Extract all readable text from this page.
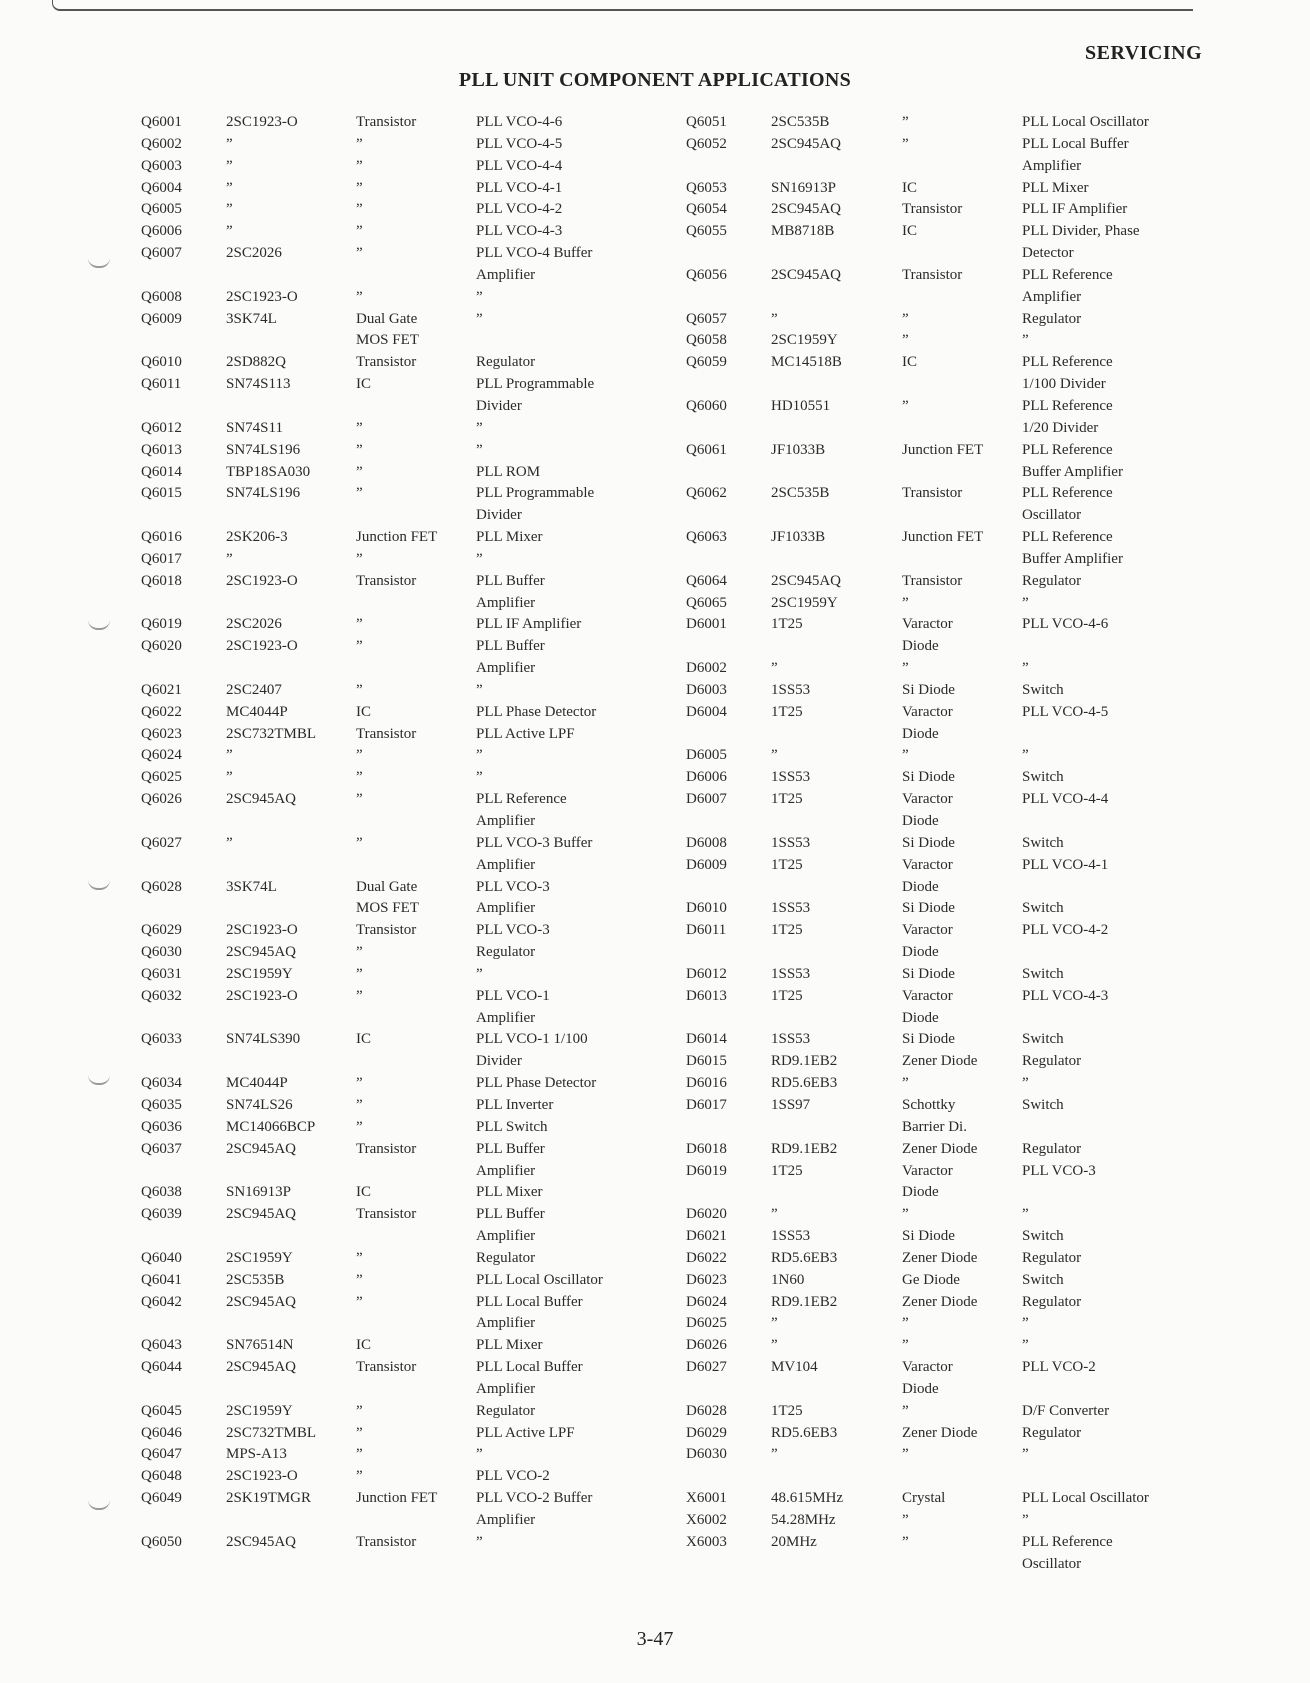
SERVICING
PLL UNIT COMPONENT APPLICATIONS
Q6001	2SC1923-O	Transistor	PLL VCO-4-6
Q6002	”	”	PLL VCO-4-5
Q6003	”	”	PLL VCO-4-4
Q6004	”	”	PLL VCO-4-1
Q6005	”	”	PLL VCO-4-2
Q6006	”	”	PLL VCO-4-3
Q6007	2SC2026	”	PLL VCO-4 Buffer
Amplifier
Q6008	2SC1923-O	”	”
Q6009	3SK74L	Dual Gate	”
MOS FET
Q6010	2SD882Q	Transistor	Regulator
Q6011	SN74S113	IC	PLL Programmable
Divider
Q6012	SN74S11	”	”
Q6013	SN74LS196	”	”
Q6014	TBP18SA030	”	PLL ROM
Q6015	SN74LS196	”	PLL Programmable
Divider
Q6016	2SK206-3	Junction FET	PLL Mixer
Q6017	”	”	”
Q6018	2SC1923-O	Transistor	PLL Buffer
Amplifier
Q6019	2SC2026	”	PLL IF Amplifier
Q6020	2SC1923-O	”	PLL Buffer
Amplifier
Q6021	2SC2407	”	”
Q6022	MC4044P	IC	PLL Phase Detector
Q6023	2SC732TMBL	Transistor	PLL Active LPF
Q6024	”	”	”
Q6025	”	”	”
Q6026	2SC945AQ	”	PLL Reference
Amplifier
Q6027	”	”	PLL VCO-3 Buffer
Amplifier
Q6028	3SK74L	Dual Gate	PLL VCO-3
MOS FET	Amplifier
Q6029	2SC1923-O	Transistor	PLL VCO-3
Q6030	2SC945AQ	”	Regulator
Q6031	2SC1959Y	”	”
Q6032	2SC1923-O	”	PLL VCO-1
Amplifier
Q6033	SN74LS390	IC	PLL VCO-1 1/100
Divider
Q6034	MC4044P	”	PLL Phase Detector
Q6035	SN74LS26	”	PLL Inverter
Q6036	MC14066BCP	”	PLL Switch
Q6037	2SC945AQ	Transistor	PLL Buffer
Amplifier
Q6038	SN16913P	IC	PLL Mixer
Q6039	2SC945AQ	Transistor	PLL Buffer
Amplifier
Q6040	2SC1959Y	”	Regulator
Q6041	2SC535B	”	PLL Local Oscillator
Q6042	2SC945AQ	”	PLL Local Buffer
Amplifier
Q6043	SN76514N	IC	PLL Mixer
Q6044	2SC945AQ	Transistor	PLL Local Buffer
Amplifier
Q6045	2SC1959Y	”	Regulator
Q6046	2SC732TMBL	”	PLL Active LPF
Q6047	MPS-A13	”	”
Q6048	2SC1923-O	”	PLL VCO-2
Q6049	2SK19TMGR	Junction FET	PLL VCO-2 Buffer
Amplifier
Q6050	2SC945AQ	Transistor	”
Q6051	2SC535B	”	PLL Local Oscillator
Q6052	2SC945AQ	”	PLL Local Buffer
Amplifier
Q6053	SN16913P	IC	PLL Mixer
Q6054	2SC945AQ	Transistor	PLL IF Amplifier
Q6055	MB8718B	IC	PLL Divider, Phase
Detector
Q6056	2SC945AQ	Transistor	PLL Reference
Amplifier
Q6057	”	”	Regulator
Q6058	2SC1959Y	”	”
Q6059	MC14518B	IC	PLL Reference
1/100 Divider
Q6060	HD10551	”	PLL Reference
1/20 Divider
Q6061	JF1033B	Junction FET	PLL Reference
Buffer Amplifier
Q6062	2SC535B	Transistor	PLL Reference
Oscillator
Q6063	JF1033B	Junction FET	PLL Reference
Buffer Amplifier
Q6064	2SC945AQ	Transistor	Regulator
Q6065	2SC1959Y	”	”
D6001	1T25	Varactor	PLL VCO-4-6
Diode
D6002	”	”	”
D6003	1SS53	Si Diode	Switch
D6004	1T25	Varactor	PLL VCO-4-5
Diode
D6005	”	”	”
D6006	1SS53	Si Diode	Switch
D6007	1T25	Varactor	PLL VCO-4-4
Diode
D6008	1SS53	Si Diode	Switch
D6009	1T25	Varactor	PLL VCO-4-1
Diode
D6010	1SS53	Si Diode	Switch
D6011	1T25	Varactor	PLL VCO-4-2
Diode
D6012	1SS53	Si Diode	Switch
D6013	1T25	Varactor	PLL VCO-4-3
Diode
D6014	1SS53	Si Diode	Switch
D6015	RD9.1EB2	Zener Diode	Regulator
D6016	RD5.6EB3	”	”
D6017	1SS97	Schottky	Switch
Barrier Di.
D6018	RD9.1EB2	Zener Diode	Regulator
D6019	1T25	Varactor	PLL VCO-3
Diode
D6020	”	”	”
D6021	1SS53	Si Diode	Switch
D6022	RD5.6EB3	Zener Diode	Regulator
D6023	1N60	Ge Diode	Switch
D6024	RD9.1EB2	Zener Diode	Regulator
D6025	”	”	”
D6026	”	”	”
D6027	MV104	Varactor	PLL VCO-2
Diode
D6028	1T25	”	D/F Converter
D6029	RD5.6EB3	Zener Diode	Regulator
D6030	”	”	”
X6001	48.615MHz	Crystal	PLL Local Oscillator
X6002	54.28MHz	”	”
X6003	20MHz	”	PLL Reference
Oscillator
3-47
